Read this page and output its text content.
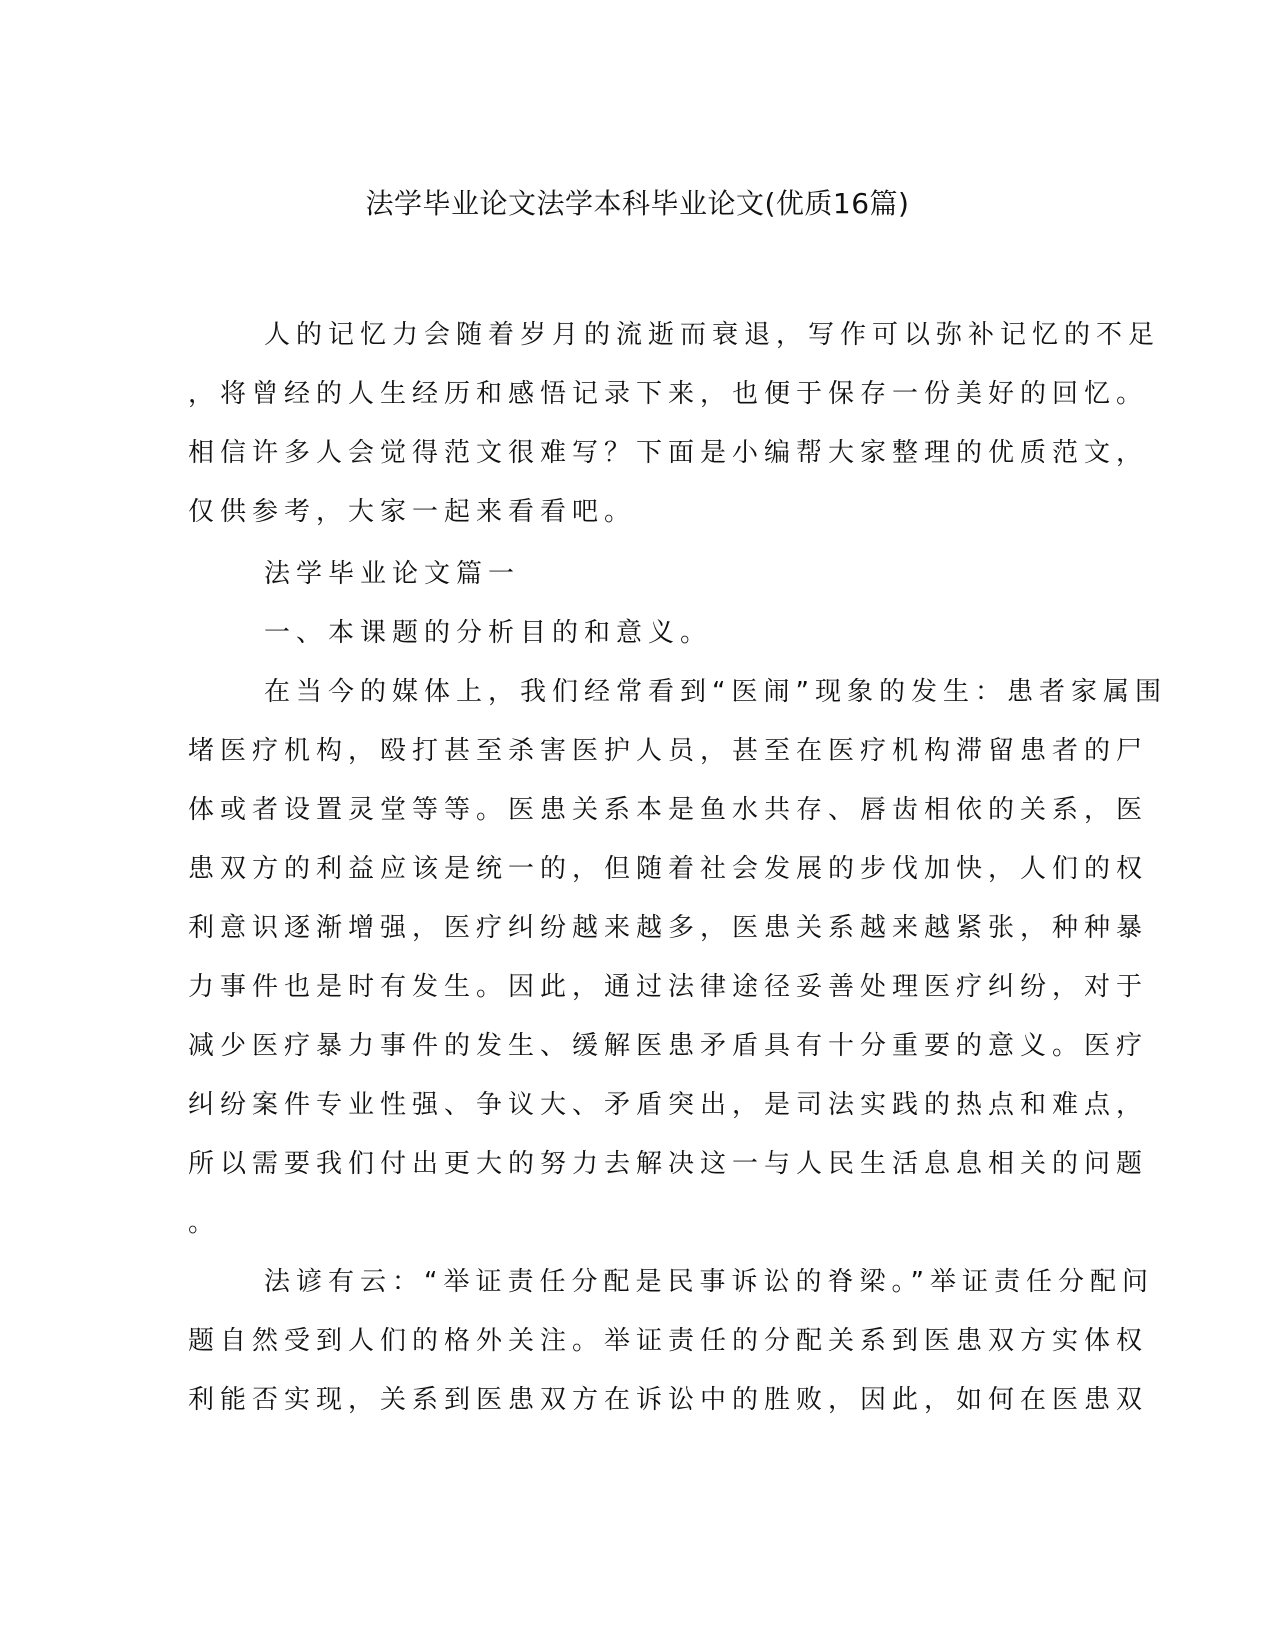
法学毕业论文法学本科毕业论文(优质16篇)
人的记忆力会随着岁月的流逝而衰退，写作可以弥补记忆的不足
，将曾经的人生经历和感悟记录下来，也便于保存一份美好的回忆。
相信许多人会觉得范文很难写？下面是小编帮大家整理的优质范文，
仅供参考，大家一起来看看吧。
法学毕业论文篇一
一、本课题的分析目的和意义。
在当今的媒体上，我们经常看到“医闹”现象的发生：患者家属围
堵医疗机构，殴打甚至杀害医护人员，甚至在医疗机构滞留患者的尸
体或者设置灵堂等等。医患关系本是鱼水共存、唇齿相依的关系，医
患双方的利益应该是统一的，但随着社会发展的步伐加快，人们的权
利意识逐渐增强，医疗纠纷越来越多，医患关系越来越紧张，种种暴
力事件也是时有发生。因此，通过法律途径妥善处理医疗纠纷，对于
减少医疗暴力事件的发生、缓解医患矛盾具有十分重要的意义。医疗
纠纷案件专业性强、争议大、矛盾突出，是司法实践的热点和难点，
所以需要我们付出更大的努力去解决这一与人民生活息息相关的问题
。
法谚有云：“举证责任分配是民事诉讼的脊梁。”举证责任分配问
题自然受到人们的格外关注。举证责任的分配关系到医患双方实体权
利能否实现，关系到医患双方在诉讼中的胜败，因此，如何在医患双
